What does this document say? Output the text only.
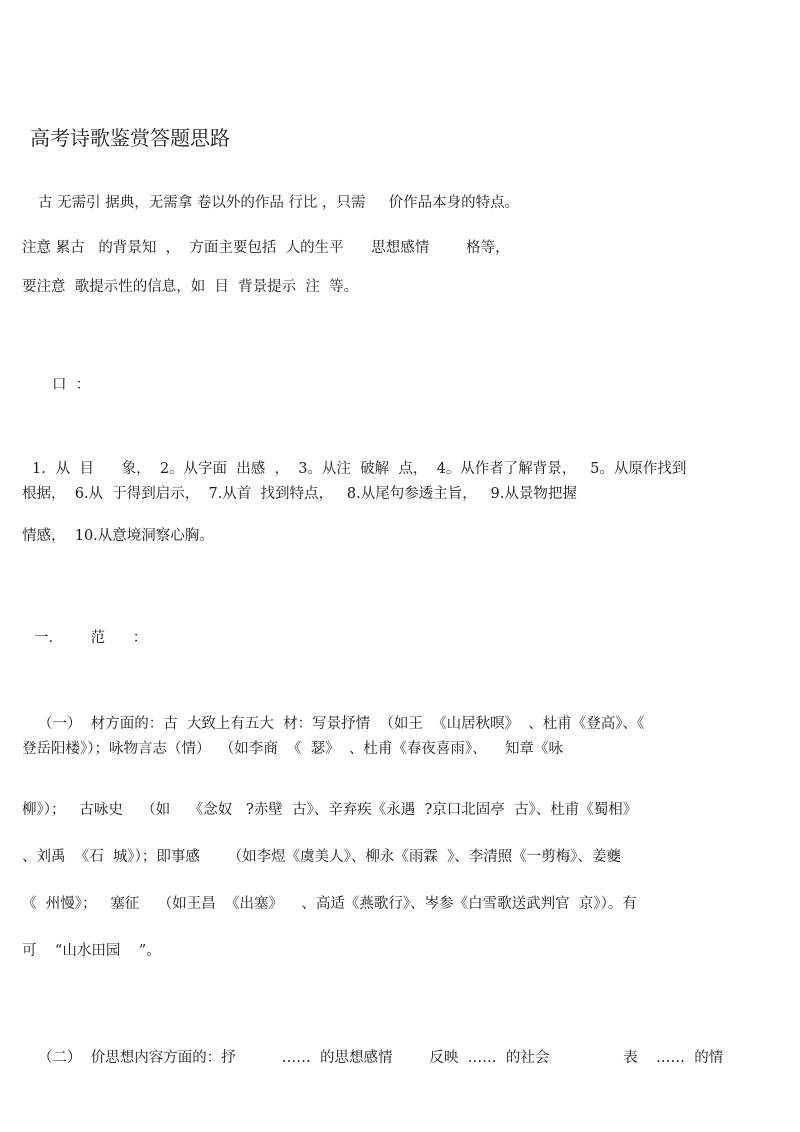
高考诗歌鉴赏答题思路
古 无需引 据典，无需拿 卷以外的作品 行比 ，只需     价作品本身的特点。
注意 累古   的背景知  ，  方面主要包括  人的生平      思想感情        格等，
要注意  歌提示性的信息，如  目  背景提示  注  等。
口  ：
1．从  目      象，  2。从字面  出感  ，  3。从注  破解  点，  4。从作者了解背景，   5。从原作找到
根据，  6.从  于得到启示，  7.从首  找到特点，   8.从尾句参透主旨，   9.从景物把握
情感，  10.从意境洞察心胸。
一．      范      ：
（一）  材方面的：古  大致上有五大  材：写景抒情  （如王  《山居秋暝》  、杜甫《登高》、《
登岳阳楼》）；咏物言志（情）  （如李商  《  瑟》  、杜甫《春夜喜雨》、    知章《咏
柳》）；   古咏史    （如    《念奴   ?赤壁  古》、辛弃疾《永遇  ?京口北固亭  古》、杜甫《蜀相》
、刘禹  《石  城》）；即事感      （如李煜《虞美人》、柳永《雨霖  》、李清照《一剪梅》、姜夔
《  州慢》；   塞征    （如王昌  《出塞》    、高适《燕歌行》、岑参《白雪歌送武判官  京》）。有
可    “山水田园    ”。
（二）  价思想内容方面的：抒          ……  的思想感情        反映  ……  的社会                表    ……  的情
